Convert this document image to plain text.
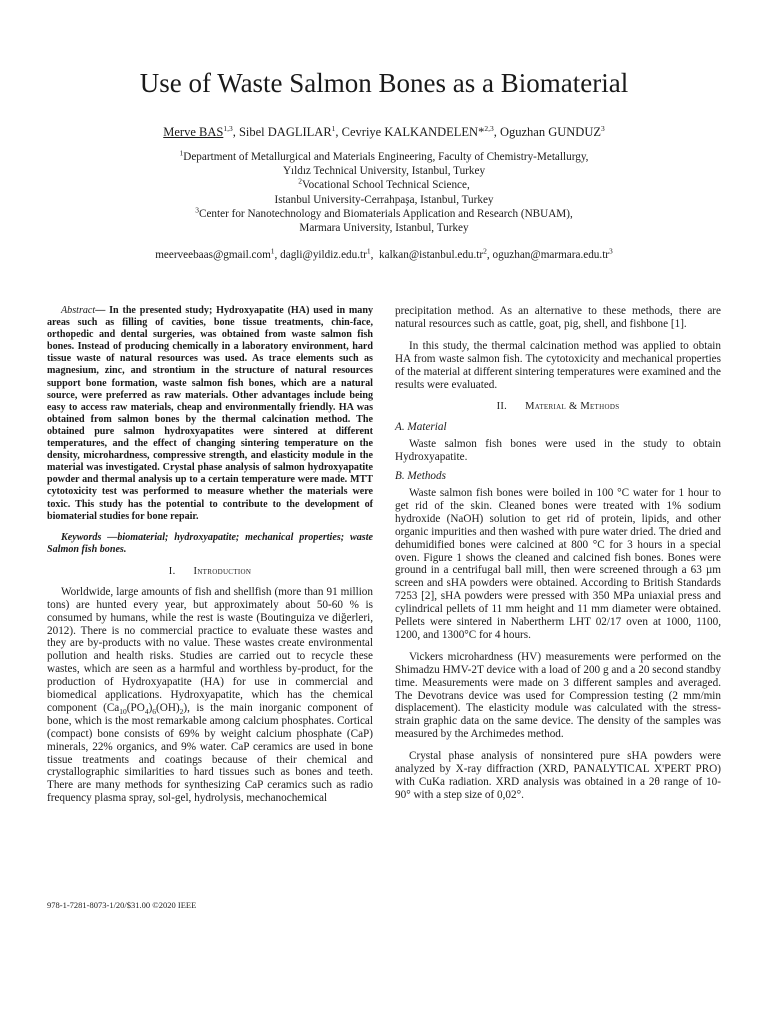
Use of Waste Salmon Bones as a Biomaterial
Merve BAS$^{1,3}$, Sibel DAGLILAR$^1$, Cevriye KALKANDELEN*$^{2,3}$, Oguzhan GUNDUZ$^3$
$^1$Department of Metallurgical and Materials Engineering, Faculty of Chemistry-Metallurgy,
Yıldız Technical University, Istanbul, Turkey
$^2$Vocational School Technical Science,
Istanbul University-Cerrahpaşa, Istanbul, Turkey
$^3$Center for Nanotechnology and Biomaterials Application and Research (NBUAM),
Marmara University, Istanbul, Turkey
meerveebaas@gmail.com$^1$, $dagli@yildiz.edu.tr^1$,  $kalkan@istanbul.edu.tr^2$, $oguzhan@marmara.edu.tr^3$

Abstract— In the presented study; Hydroxyapatite (HA) used in many areas such as filling of cavities, bone tissue treatments, chin-face, orthopedic and dental surgeries, was obtained from waste salmon fish bones. Instead of producing chemically in a laboratory environment, hard tissue waste of natural resources was used. As trace elements such as magnesium, zinc, and strontium in the structure of natural resources support bone formation, waste salmon fish bones, which are a natural source, were preferred as raw materials. Other advantages include being easy to access raw materials, cheap and environmentally friendly. HA was obtained from salmon bones by the thermal calcination method. The obtained pure salmon hydroxyapatites were sintered at different temperatures, and the effect of changing sintering temperature on the density, microhardness, compressive strength, and elasticity module in the material was investigated. Crystal phase analysis of salmon hydroxyapatite powder and thermal analysis up to a certain temperature were made. MTT cytotoxicity test was performed to measure whether the materials were toxic. This study has the potential to contribute to the development of biomaterial studies for bone repair.

Keywords —biomaterial; hydroxyapatite; mechanical properties; waste Salmon fish bones.

I. Introduction

Worldwide, large amounts of fish and shellfish (more than 91 million tons) are hunted every year, but approximately about 50-60 % is consumed by humans, while the rest is waste (Boutinguiza ve diğerleri, 2012). There is no commercial practice to evaluate these wastes and they are by-products with no value. These wastes create environmental pollution and health risks. Studies are carried out to recycle these wastes, which are seen as a harmful and worthless by-product, for the production of Hydroxyapatite (HA) for use in commercial and biomedical applications. Hydroxyapatite, which has the chemical component $(Ca_{10}(PO_4)_6(OH)_2)$, is the main inorganic component of bone, which is the most remarkable among calcium phosphates. Cortical (compact) bone consists of 69% by weight calcium phosphate (CaP) minerals, 22% organics, and 9% water. CaP ceramics are used in bone tissue treatments and coatings because of their chemical and crystallographic similarities to hard tissues such as bones and teeth. There are many methods for synthesizing CaP ceramics such as radio frequency plasma spray, sol-gel, hydrolysis, mechanochemical

precipitation method. As an alternative to these methods, there are natural resources such as cattle, goat, pig, shell, and fishbone [1].

In this study, the thermal calcination method was applied to obtain HA from waste salmon fish. The cytotoxicity and mechanical properties of the material at different sintering temperatures were examined and the results were evaluated.

II. Material & Methods

A. Material

Waste salmon fish bones were used in the study to obtain Hydroxyapatite.

B. Methods

Waste salmon fish bones were boiled in 100 °C water for 1 hour to get rid of the skin. Cleaned bones were treated with 1% sodium hydroxide (NaOH) solution to get rid of protein, lipids, and other organic impurities and then washed with pure water dried. The dried and dehumidified bones were calcined at 800 °C for 3 hours in a special oven. Figure 1 shows the cleaned and calcined fish bones. Bones were ground in a centrifugal ball mill, then were screened through a 63 µm screen and sHA powders were obtained. According to British Standards 7253 [2], sHA powders were pressed with 350 MPa uniaxial press and cylindrical pellets of 11 mm height and 11 mm diameter were obtained. Pellets were sintered in Nabertherm LHT 02/17 oven at 1000, 1100, 1200, and 1300°C for 4 hours.

Vickers microhardness (HV) measurements were performed on the Shimadzu HMV-2T device with a load of 200 g and a 20 second standby time. Measurements were made on 3 different samples and averaged. The Devotrans device was used for Compression testing (2 mm/min displacement). The elasticity module was calculated with the stress-strain graphic data on the same device. The density of the samples was measured by the Archimedes method.

Crystal phase analysis of nonsintered pure sHA powders were analyzed by X-ray diffraction (XRD, PANALYTICAL X'PERT PRO) with CuKa radiation. XRD analysis was obtained in a 2θ range of 10-90° with a step size of 0,02°.

978-1-7281-8073-1/20/$31.00 ©2020 IEEE
